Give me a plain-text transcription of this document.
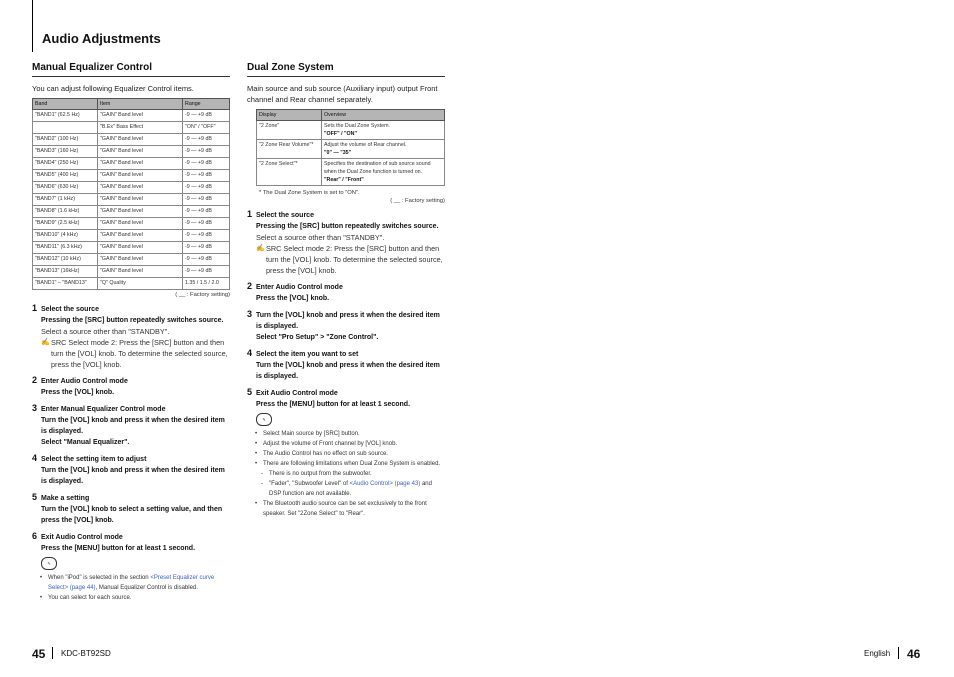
Audio Adjustments
Manual Equalizer Control
You can adjust following Equalizer Control items.
Band	Item	Range
"BAND1" (62.5 Hz)	"GAIN" Band level	-9 — +9 dB
	"B.Ex" Bass Effect	"ON" / "OFF"
"BAND2" (100 Hz)	"GAIN" Band level	-9 — +9 dB
"BAND3" (160 Hz)	"GAIN" Band level	-9 — +9 dB
"BAND4" (250 Hz)	"GAIN" Band level	-9 — +9 dB
"BAND5" (400 Hz)	"GAIN" Band level	-9 — +9 dB
"BAND6" (630 Hz)	"GAIN" Band level	-9 — +9 dB
"BAND7" (1 kHz)	"GAIN" Band level	-9 — +9 dB
"BAND8" (1.6 kHz)	"GAIN" Band level	-9 — +9 dB
"BAND9" (2.5 kHz)	"GAIN" Band level	-9 — +9 dB
"BAND10" (4 kHz)	"GAIN" Band level	-9 — +9 dB
"BAND11" (6.3 kHz)	"GAIN" Band level	-9 — +9 dB
"BAND12" (10 kHz)	"GAIN" Band level	-9 — +9 dB
"BAND13" (16kHz)	"GAIN" Band level	-9 — +9 dB
"BAND1" – "BAND13"	"Q" Quality	1.35 / 1.5 / 2.0
( __ : Factory setting)
1 Select the source
Pressing the [SRC] button repeatedly switches source.
Select a source other than "STANDBY".
✍ SRC Select mode 2: Press the [SRC] button and then turn the [VOL] knob. To determine the selected source, press the [VOL] knob.
2 Enter Audio Control mode
Press the [VOL] knob.
3 Enter Manual Equalizer Control mode
Turn the [VOL] knob and press it when the desired item is displayed.
Select "Manual Equalizer".
4 Select the setting item to adjust
Turn the [VOL] knob and press it when the desired item is displayed.
5 Make a setting
Turn the [VOL] knob to select a setting value, and then press the [VOL] knob.
6 Exit Audio Control mode
Press the [MENU] button for at least 1 second.
✎
• When "iPod" is selected in the section <Preset Equalizer curve Select> (page 44), Manual Equalizer Control is disabled.
• You can select for each source.
Dual Zone System
Main source and sub source (Auxiliary input) output Front channel and Rear channel separately.
Display	Overview
"2 Zone"	Sets the Dual Zone System.
"OFF" / "ON"
"2 Zone Rear Volume"*	Adjust the volume of Rear channel.
"0" — "35"
"2 Zone Select"*	Specifies the destination of sub source sound when the Dual Zone function is turned on.
"Rear" / "Front"
* The Dual Zone System is set to "ON".
( __ : Factory setting)
1 Select the source
Pressing the [SRC] button repeatedly switches source.
Select a source other than "STANDBY".
✍ SRC Select mode 2: Press the [SRC] button and then turn the [VOL] knob. To determine the selected source, press the [VOL] knob.
2 Enter Audio Control mode
Press the [VOL] knob.
3 Turn the [VOL] knob and press it when the desired item is displayed.
Select "Pro Setup" > "Zone Control".
4 Select the item you want to set
Turn the [VOL] knob and press it when the desired item is displayed.
5 Exit Audio Control mode
Press the [MENU] button for at least 1 second.
✎
• Select Main source by [SRC] button.
• Adjust the volume of Front channel by [VOL] knob.
• The Audio Control has no effect on sub source.
• There are following limitations when Dual Zone System is enabled.
- There is no output from the subwoofer.
- "Fader", "Subwoofer Level" of <Audio Control> (page 43) and DSP function are not available.
• The Bluetooth audio source can be set exclusively to the front speaker. Set "2Zone Select" to "Rear".
45 KDC-BT92SD	English 46
